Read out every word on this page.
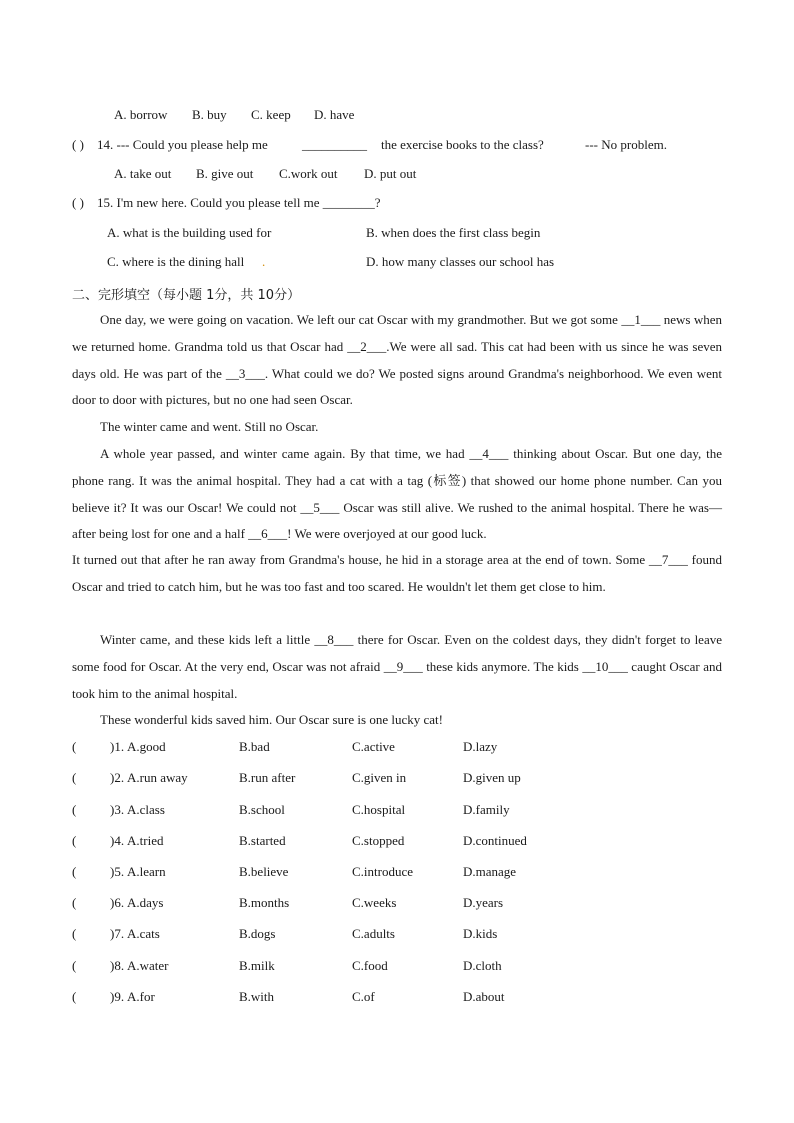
A. borrow B. buy C. keep D. have
( ) 14. --- Could you please help me	__________ the exercise books to the class?	--- No problem.
A. take out B. give out C.work out D. put out
( ) 15. I'm new here. Could you please tell me ________?
A. what is the building used for	B. when does the first class begin
C. where is the dining hall .	D. how many classes our school has
二、完形填空（每小题 1分，共 10分）
One day, we were going on vacation. We left our cat Oscar with my grandmother. But we got some __1___ news when we returned home. Grandma told us that Oscar had __2___.We were all sad. This cat had been with us since he was seven days old. He was part of the __3___. What could we do? We posted signs around Grandma's neighborhood. We even went door to door with pictures, but no one had seen Oscar.
The winter came and went. Still no Oscar.
A whole year passed, and winter came again. By that time, we had __4___ thinking about Oscar. But one day, the phone rang. It was the animal hospital. They had a cat with a tag (标签) that showed our home phone number. Can you believe it? It was our Oscar! We could not __5___ Oscar was still alive. We rushed to the animal hospital. There he was—after being lost for one and a half __6___! We were overjoyed at our good luck.
It turned out that after he ran away from Grandma's house, he hid in a storage area at the end of town. Some __7___ found Oscar and tried to catch him, but he was too fast and too scared. He wouldn't let them get close to him.
Winter came, and these kids left a little __8___ there for Oscar. Even on the coldest days, they didn't forget to leave some food for Oscar. At the very end, Oscar was not afraid __9___ these kids anymore. The kids __10___ caught Oscar and took him to the animal hospital.
These wonderful kids saved him. Our Oscar sure is one lucky cat!
(	)1. A.good	B.bad	C.active	D.lazy
(	)2. A.run away	B.run after	C.given in	D.given up
(	)3. A.class	B.school	C.hospital	D.family
(	)4. A.tried	B.started	C.stopped	D.continued
(	)5. A.learn	B.believe	C.introduce	D.manage
(	)6. A.days	B.months	C.weeks	D.years
(	)7. A.cats	B.dogs	C.adults	D.kids
(	)8. A.water	B.milk	C.food	D.cloth
(	)9. A.for	B.with	C.of	D.about
